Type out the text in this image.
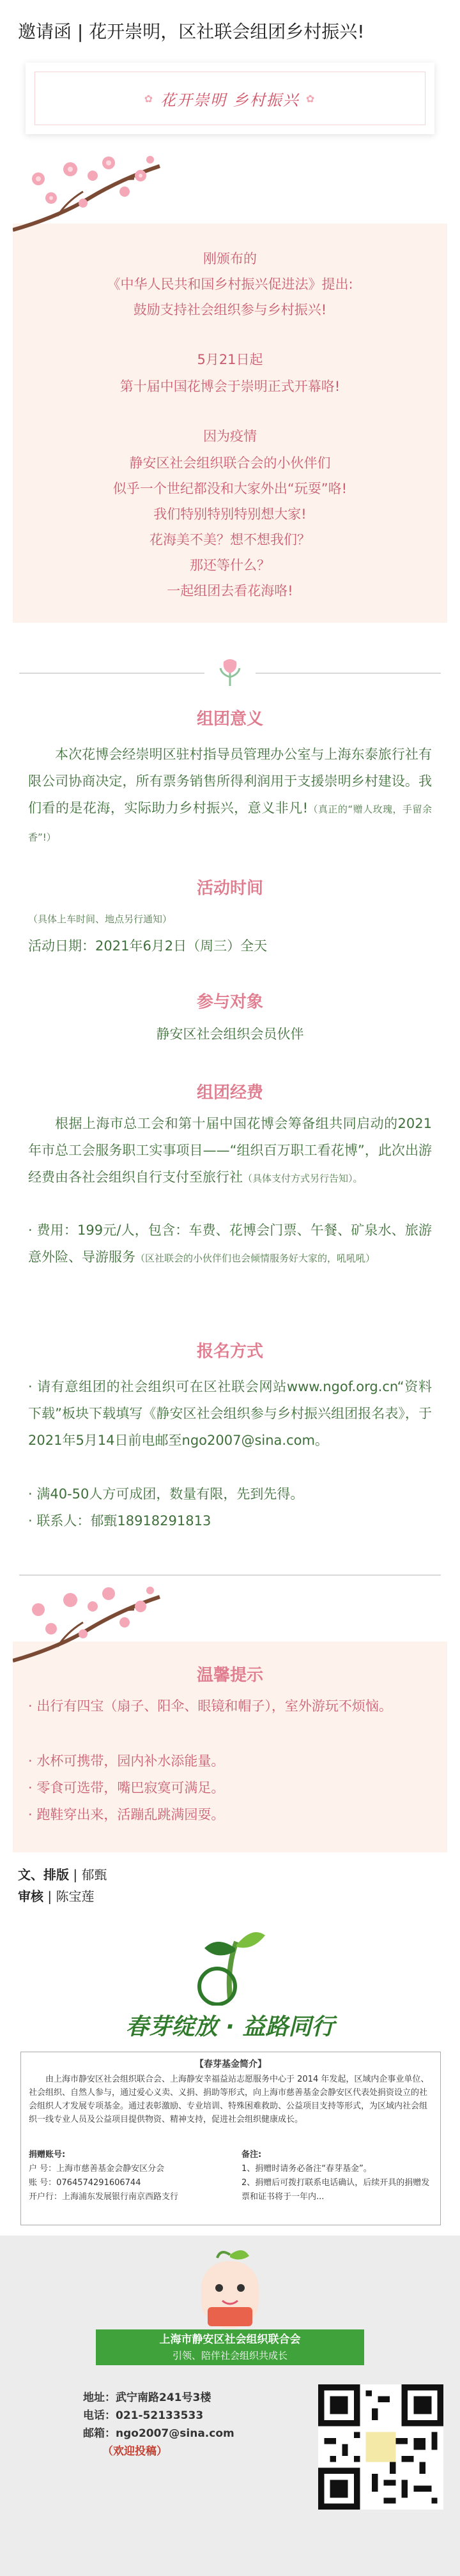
邀请函 | 花开崇明，区社联会组团乡村振兴!
✿ 花开崇明 乡村振兴 ✿
刚颁布的
《中华人民共和国乡村振兴促进法》提出:
鼓励支持社会组织参与乡村振兴!
5月21日起
第十届中国花博会于崇明正式开幕咯!
因为疫情
静安区社会组织联合会的小伙伴们
似乎一个世纪都没和大家外出“玩耍”咯!
我们特别特别特别想大家!
花海美不美？想不想我们？
那还等什么？
一起组团去看花海咯!
组团意义
本次花博会经崇明区驻村指导员管理办公室与上海东泰旅行社有限公司协商决定，所有票务销售所得利润用于支援崇明乡村建设。我们看的是花海，实际助力乡村振兴，意义非凡!（真正的“赠人玫瑰，手留余香”!）
活动时间
（具体上车时间、地点另行通知）
活动日期：2021年6月2日（周三）全天
参与对象
静安区社会组织会员伙伴
组团经费
根据上海市总工会和第十届中国花博会筹备组共同启动的2021年市总工会服务职工实事项目——“组织百万职工看花博”，此次出游经费由各社会组织自行支付至旅行社（具体支付方式另行告知）。
· 费用：199元/人，包含：车费、花博会门票、午餐、矿泉水、旅游意外险、导游服务（区社联会的小伙伴们也会倾情服务好大家的，吼吼吼）
报名方式
· 请有意组团的社会组织可在区社联会网站www.ngof.org.cn“资料下载”板块下载填写《静安区社会组织参与乡村振兴组团报名表》，于2021年5月14日前电邮至ngo2007@sina.com。
· 满40-50人方可成团，数量有限，先到先得。
· 联系人：郁甄18918291813
温馨提示
· 出行有四宝（扇子、阳伞、眼镜和帽子），室外游玩不烦恼。
· 水杯可携带，园内补水添能量。
· 零食可选带，嘴巴寂寞可满足。
· 跑鞋穿出来，活蹦乱跳满园耍。
文、排版 | 郁甄
审核 | 陈宝莲
春芽绽放 · 益路同行
【春芽基金简介】
由上海市静安区社会组织联合会、上海静安幸福益站志愿服务中心于 2014 年发起，区域内企事业单位、社会组织、自然人参与，通过爱心义卖、义捐、捐助等形式，向上海市慈善基金会静安区代表处捐资设立的社会组织人才发展专项基金。通过表彰激励、专业培训、特殊困难救助、公益项目支持等形式，为区域内社会组织一线专业人员及公益项目提供物资、精神支持，促进社会组织健康成长。
捐赠账号:
户 号：上海市慈善基金会静安区分会
账 号：0764574291606744
开户行：上海浦东发展银行南京西路支行
备注:
1、捐赠时请务必备注“春芽基金”。
2、捐赠后可拨打联系电话确认，后续开具的捐赠发票和证书将于一年内...
上海市静安区社会组织联合会
引领、陪伴社会组织共成长
地址：武宁南路241号3楼
电话：021-52133533
邮箱：ngo2007@sina.com
（欢迎投稿）
